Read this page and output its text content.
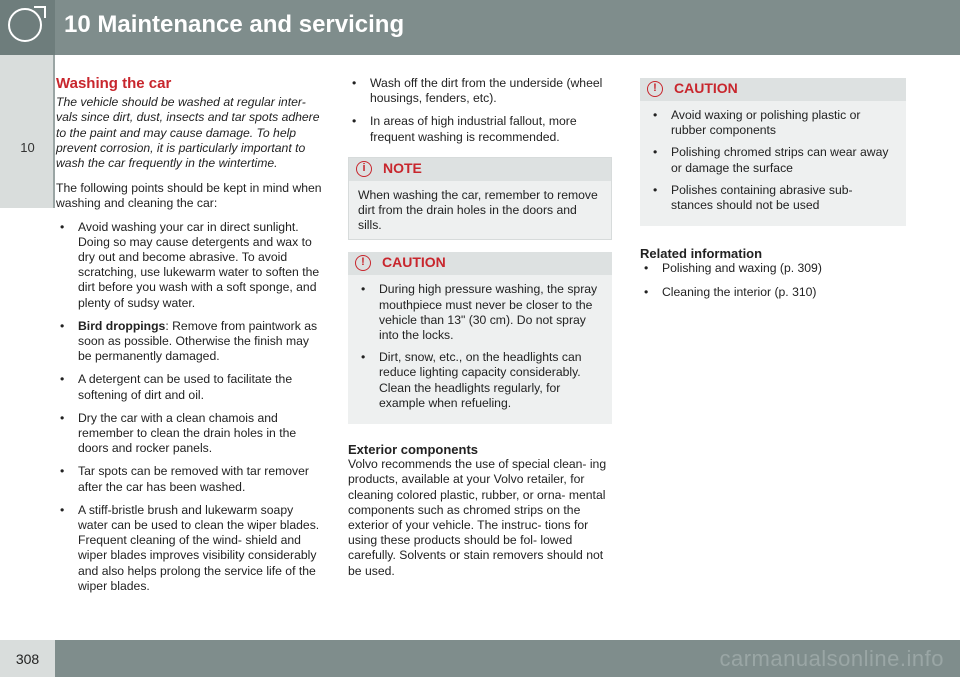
10 Maintenance and servicing
10
Washing the car

The vehicle should be washed at regular inter- vals since dirt, dust, insects and tar spots adhere to the paint and may cause damage. To help prevent corrosion, it is particularly important to wash the car frequently in the wintertime.

The following points should be kept in mind when washing and cleaning the car:

• Avoid washing your car in direct sunlight. Doing so may cause detergents and wax to dry out and become abrasive. To avoid scratching, use lukewarm water to soften the dirt before you wash with a soft sponge, and plenty of sudsy water.
• Bird droppings: Remove from paintwork as soon as possible. Otherwise the finish may be permanently damaged.
• A detergent can be used to facilitate the softening of dirt and oil.
• Dry the car with a clean chamois and remember to clean the drain holes in the doors and rocker panels.
• Tar spots can be removed with tar remover after the car has been washed.
• A stiff-bristle brush and lukewarm soapy water can be used to clean the wiper blades. Frequent cleaning of the wind- shield and wiper blades improves visibility considerably and also helps prolong the service life of the wiper blades.
• Wash off the dirt from the underside (wheel housings, fenders, etc).
• In areas of high industrial fallout, more frequent washing is recommended.
i	NOTE
When washing the car, remember to remove dirt from the drain holes in the doors and sills.
!	CAUTION
• During high pressure washing, the spray mouthpiece must never be closer to the vehicle than 13" (30 cm). Do not spray into the locks.
• Dirt, snow, etc., on the headlights can reduce lighting capacity considerably. Clean the headlights regularly, for example when refueling.
Exterior components

Volvo recommends the use of special clean- ing products, available at your Volvo retailer, for cleaning colored plastic, rubber, or orna- mental components such as chromed strips on the exterior of your vehicle. The instruc- tions for using these products should be fol- lowed carefully. Solvents or stain removers should not be used.

!	CAUTION
• Avoid waxing or polishing plastic or rubber components
• Polishing chromed strips can wear away or damage the surface
• Polishes containing abrasive sub- stances should not be used
Related information
• Polishing and waxing (p. 309)
• Cleaning the interior (p. 310)
308	carmanualsonline.info
